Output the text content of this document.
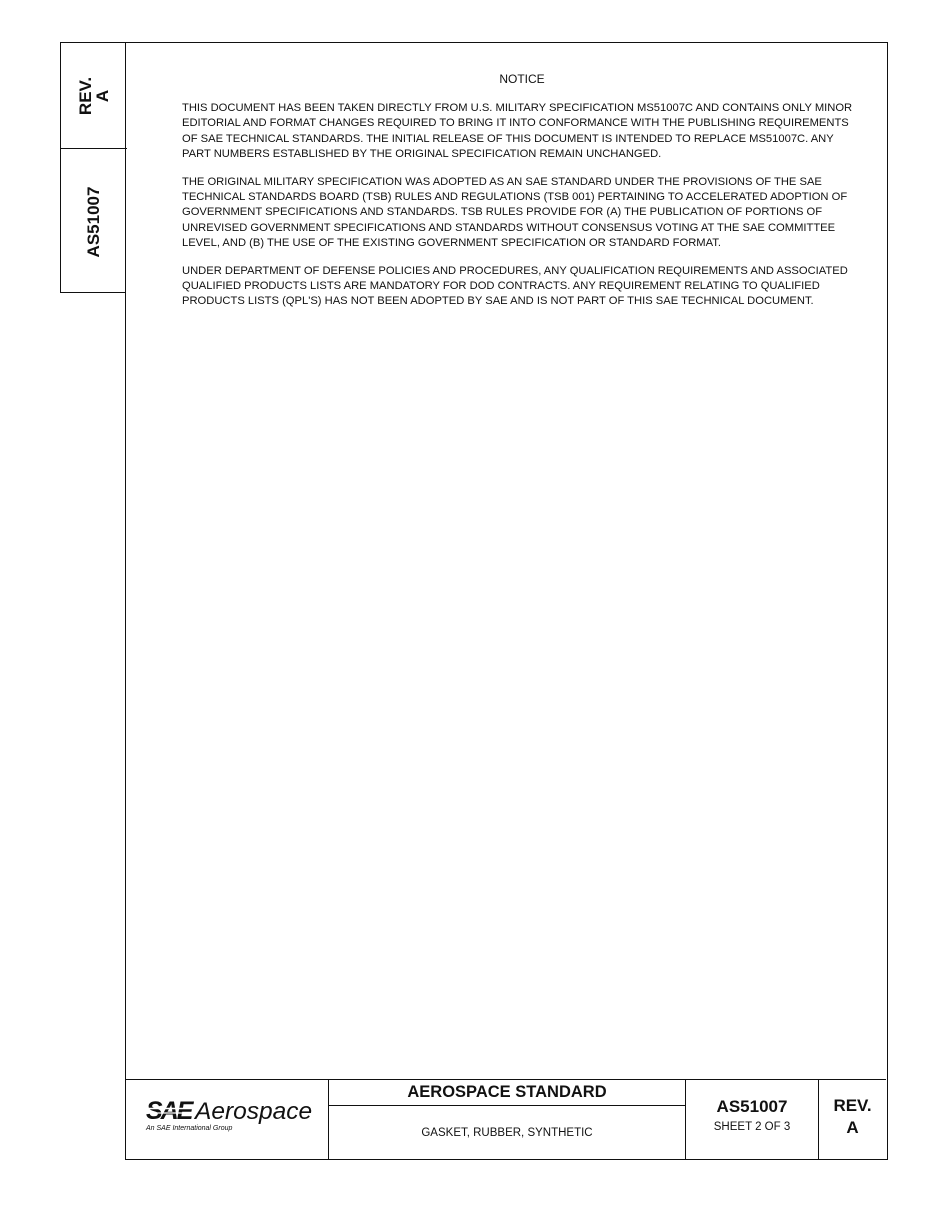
REV.
A
AS51007
NOTICE

THIS DOCUMENT HAS BEEN TAKEN DIRECTLY FROM U.S. MILITARY SPECIFICATION MS51007C AND CONTAINS ONLY MINOR EDITORIAL AND FORMAT CHANGES REQUIRED TO BRING IT INTO CONFORMANCE WITH THE PUBLISHING REQUIREMENTS OF SAE TECHNICAL STANDARDS. THE INITIAL RELEASE OF THIS DOCUMENT IS INTENDED TO REPLACE MS51007C. ANY PART NUMBERS ESTABLISHED BY THE ORIGINAL SPECIFICATION REMAIN UNCHANGED.

THE ORIGINAL MILITARY SPECIFICATION WAS ADOPTED AS AN SAE STANDARD UNDER THE PROVISIONS OF THE SAE TECHNICAL STANDARDS BOARD (TSB) RULES AND REGULATIONS (TSB 001) PERTAINING TO ACCELERATED ADOPTION OF GOVERNMENT SPECIFICATIONS AND STANDARDS. TSB RULES PROVIDE FOR (A) THE PUBLICATION OF PORTIONS OF UNREVISED GOVERNMENT SPECIFICATIONS AND STANDARDS WITHOUT CONSENSUS VOTING AT THE SAE COMMITTEE LEVEL, AND (B) THE USE OF THE EXISTING GOVERNMENT SPECIFICATION OR STANDARD FORMAT.

UNDER DEPARTMENT OF DEFENSE POLICIES AND PROCEDURES, ANY QUALIFICATION REQUIREMENTS AND ASSOCIATED QUALIFIED PRODUCTS LISTS ARE MANDATORY FOR DOD CONTRACTS. ANY REQUIREMENT RELATING TO QUALIFIED PRODUCTS LISTS (QPL'S) HAS NOT BEEN ADOPTED BY SAE AND IS NOT PART OF THIS SAE TECHNICAL DOCUMENT.

SAE Aerospace
An SAE International Group
AEROSPACE STANDARD
GASKET, RUBBER, SYNTHETIC
AS51007
SHEET 2 OF 3
REV.
A
